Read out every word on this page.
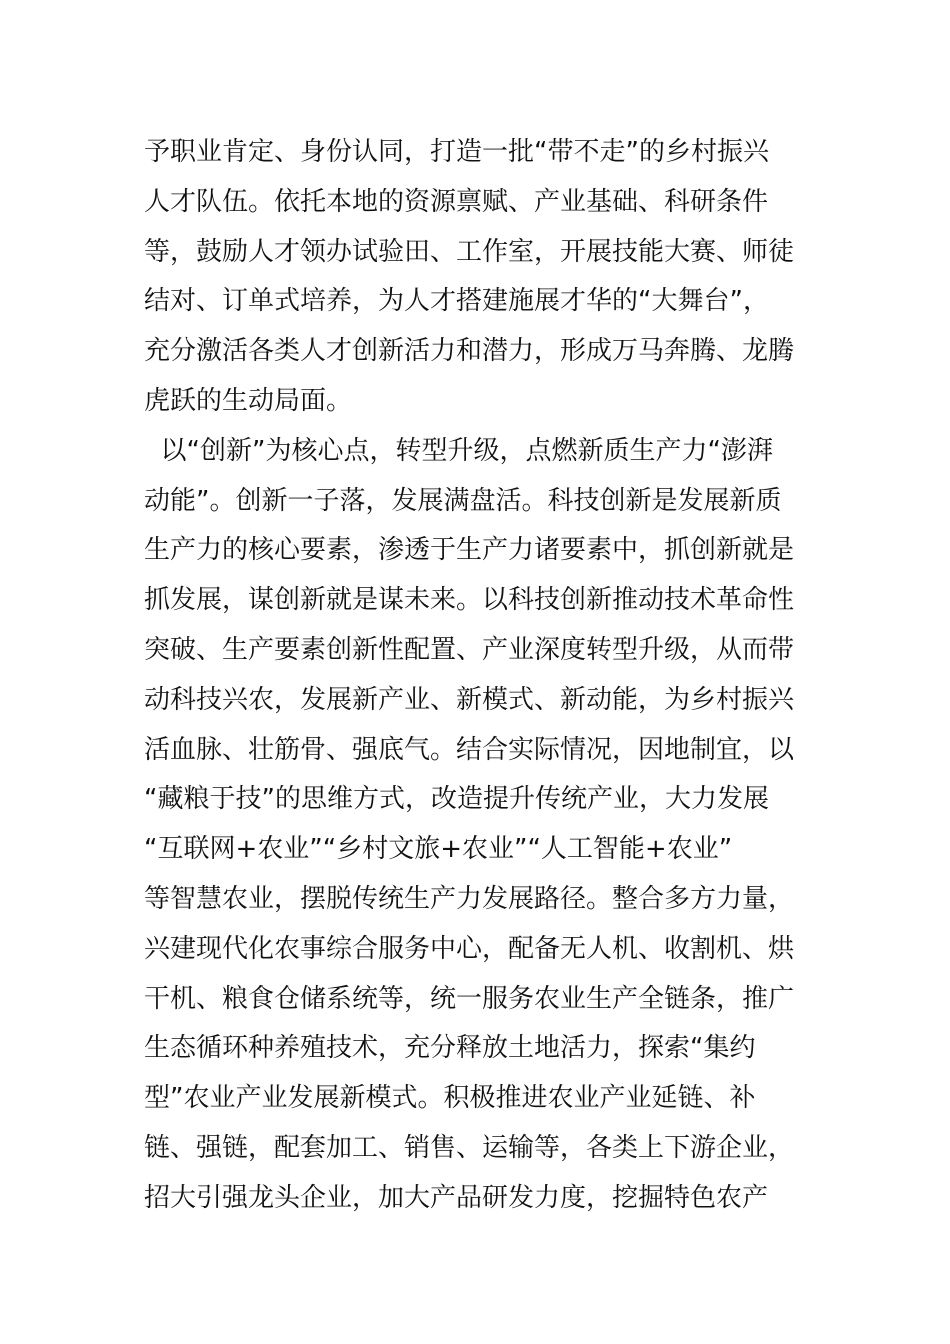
予职业肯定、身份认同，打造一批“带不走”的乡村振兴
人才队伍。依托本地的资源禀赋、产业基础、科研条件
等，鼓励人才领办试验田、工作室，开展技能大赛、师徒
结对、订单式培养，为人才搭建施展才华的“大舞台”，
充分激活各类人才创新活力和潜力，形成万马奔腾、龙腾
虎跃的生动局面。
以“创新”为核心点，转型升级，点燃新质生产力“澎湃
动能”。创新一子落，发展满盘活。科技创新是发展新质
生产力的核心要素，渗透于生产力诸要素中，抓创新就是
抓发展，谋创新就是谋未来。以科技创新推动技术革命性
突破、生产要素创新性配置、产业深度转型升级，从而带
动科技兴农，发展新产业、新模式、新动能，为乡村振兴
活血脉、壮筋骨、强底气。结合实际情况，因地制宜，以
“藏粮于技”的思维方式，改造提升传统产业，大力发展
“互联网+农业”“乡村文旅+农业”“人工智能+农业”
等智慧农业，摆脱传统生产力发展路径。整合多方力量，
兴建现代化农事综合服务中心，配备无人机、收割机、烘
干机、粮食仓储系统等，统一服务农业生产全链条，推广
生态循环种养殖技术，充分释放土地活力，探索“集约
型”农业产业发展新模式。积极推进农业产业延链、补
链、强链，配套加工、销售、运输等，各类上下游企业，
招大引强龙头企业，加大产品研发力度，挖掘特色农产
